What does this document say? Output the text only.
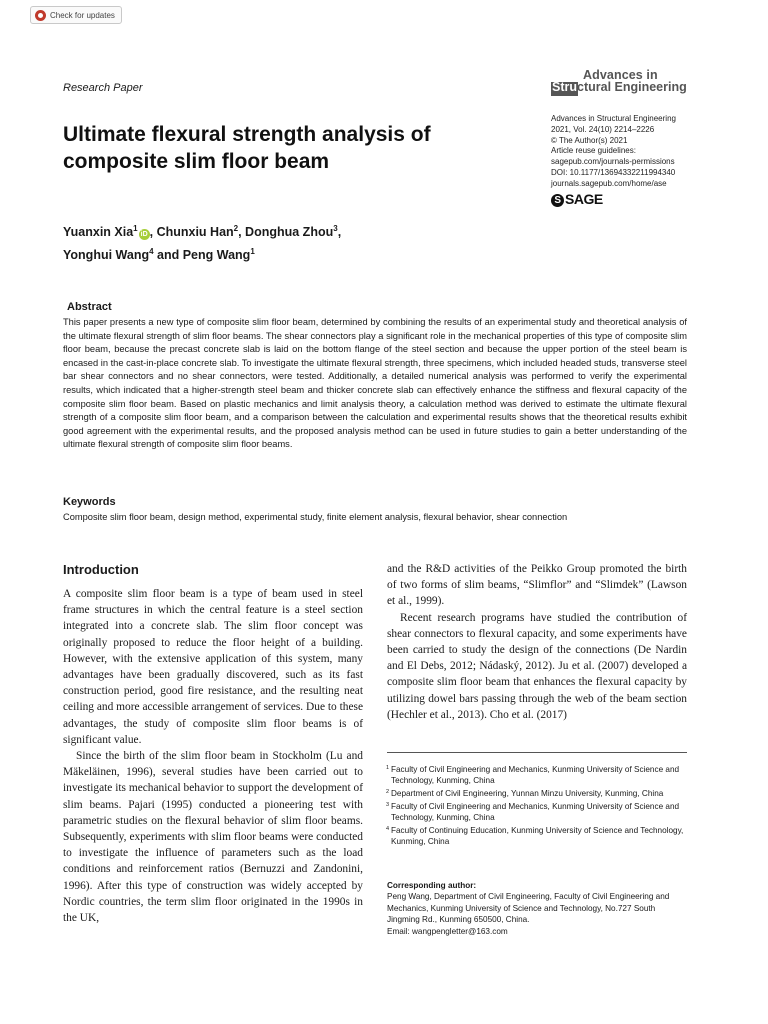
Check for updates
Advances in
Structural Engineering
Advances in Structural Engineering
2021, Vol. 24(10) 2214–2226
© The Author(s) 2021
Article reuse guidelines:
sagepub.com/journals-permissions
DOI: 10.1177/13694332211994340
journals.sagepub.com/home/ase
S SAGE
Research Paper
Ultimate flexural strength analysis of composite slim floor beam
Yuanxin Xia$^1$iD , Chunxiu Han$^2$, Donghua Zhou$^3$,
Yonghui Wang$^4$ and Peng Wang$^1$
Abstract
This paper presents a new type of composite slim floor beam, determined by combining the results of an experimental study and theoretical analysis of the ultimate flexural strength of slim floor beams. The shear connectors play a significant role in the mechanical properties of this type of composite slim floor beam, because the precast concrete slab is laid on the bottom flange of the steel section and because the upper portion of the steel beam is encased in the cast-in-place concrete slab. To investigate the ultimate flexural strength, three specimens, which included headed studs, transverse steel bar shear connectors and no shear connectors, were tested. Additionally, a detailed numerical analysis was performed to verify the experimental results, which indicated that a higher-strength steel beam and thicker concrete slab can effectively enhance the stiffness and flexural capacity of the composite slim floor beam. Based on plastic mechanics and limit analysis theory, a calculation method was derived to estimate the ultimate flexural strength of a composite slim floor beam, and a comparison between the calculation and experimental results shows that the theoretical results exhibit good agreement with the experimental results, and the proposed analysis method can be used in future studies to gain a better understanding of the ultimate flexural strength of composite slim floor beams.
Keywords
Composite slim floor beam, design method, experimental study, finite element analysis, flexural behavior, shear connection
Introduction

A composite slim floor beam is a type of beam used in steel frame structures in which the central feature is a steel section integrated into a concrete slab. The slim floor concept was originally proposed to reduce the floor height of a building. However, with the extensive application of this system, many advantages have been gradually discovered, such as its fast construction period, good fire resistance, and the resulting neat ceiling and more accessible arrangement of services. Due to these advantages, the study of composite slim floor beams is of significant value.

Since the birth of the slim floor beam in Stockholm (Lu and Mäkeläinen, 1996), several studies have been carried out to investigate its mechanical behavior to support the development of slim beams. Pajari (1995) conducted a pioneering test with parametric studies on the flexural behavior of slim floor beams. Subsequently, experiments with slim floor beams were conducted to investigate the influence of parameters such as the load conditions and reinforcement ratios (Bernuzzi and Zandonini, 1996). After this type of construction was widely accepted by Nordic countries, the term slim floor originated in the 1990s in the UK,

and the R&D activities of the Peikko Group promoted the birth of two forms of slim beams, “Slimflor” and “Slimdek” (Lawson et al., 1999).

Recent research programs have studied the contribution of shear connectors to flexural capacity, and some experiments have been carried to study the design of the connections (De Nardin and El Debs, 2012; Nádaský, 2012). Ju et al. (2007) developed a composite slim floor beam that enhances the flexural capacity by utilizing dowel bars passing through the web of the beam section (Hechler et al., 2013). Cho et al. (2017)

1 Faculty of Civil Engineering and Mechanics, Kunming University of Science and Technology, Kunming, China
2 Department of Civil Engineering, Yunnan Minzu University, Kunming, China
3 Faculty of Civil Engineering and Mechanics, Kunming University of Science and Technology, Kunming, China
4 Faculty of Continuing Education, Kunming University of Science and Technology, Kunming, China
Corresponding author:
Peng Wang, Department of Civil Engineering, Faculty of Civil Engineering and Mechanics, Kunming University of Science and Technology, No.727 South Jingming Rd., Kunming 650500, China.
Email: wangpengletter@163.com
